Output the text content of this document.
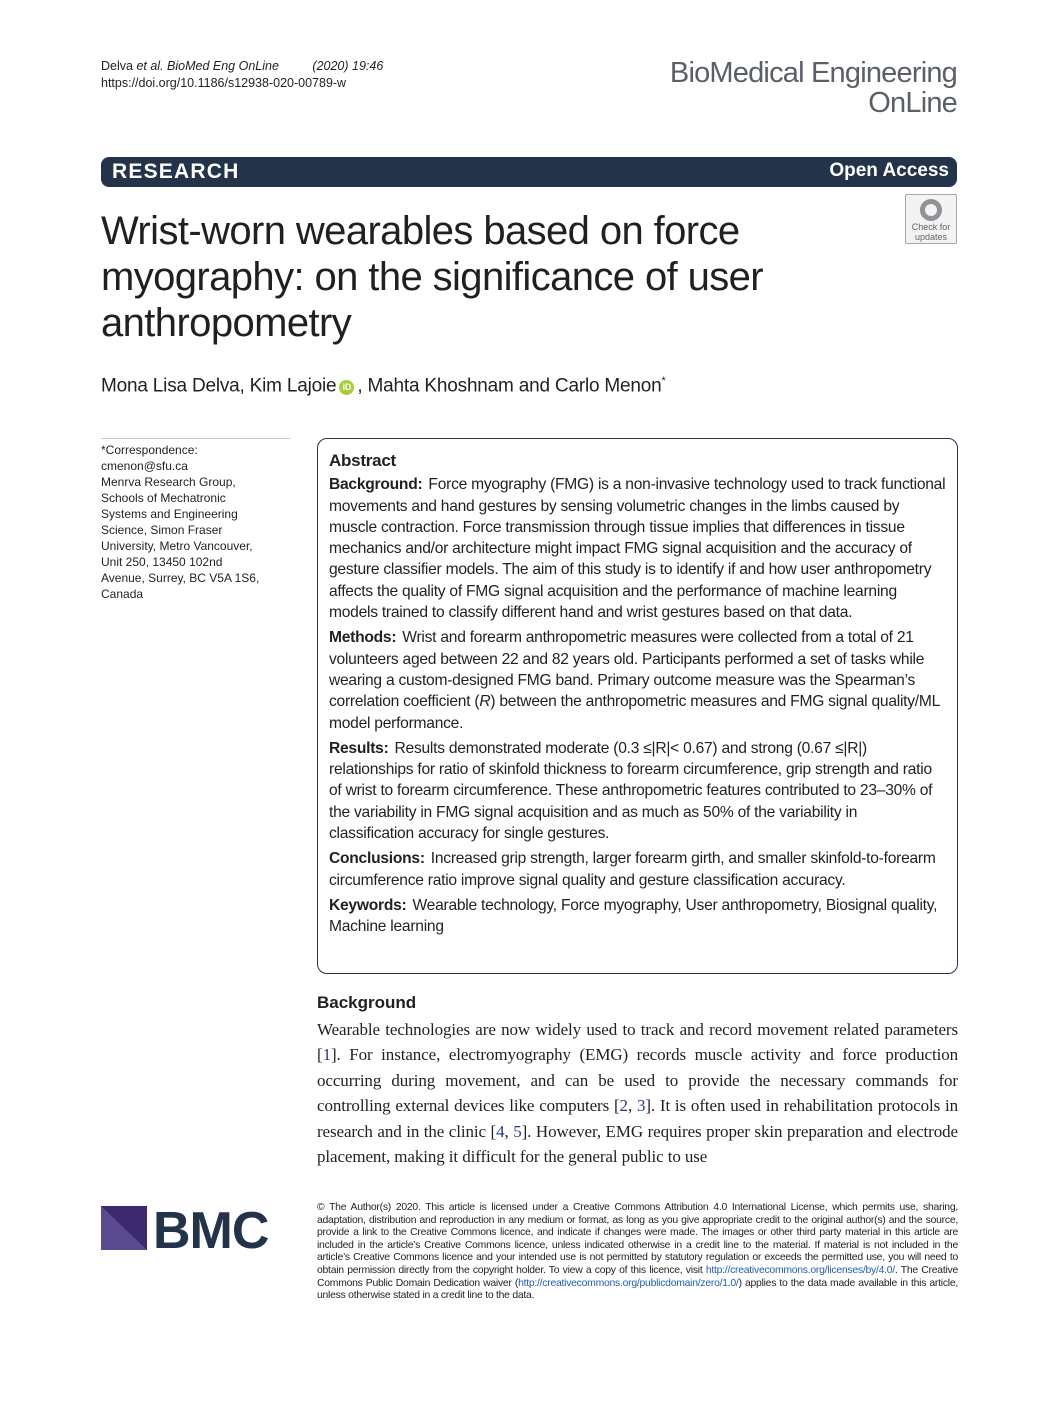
Delva et al. BioMed Eng OnLine	(2020) 19:46
https://doi.org/10.1186/s12938-020-00789-w	BioMedical Engineering
OnLine
RESEARCH	Open Access
Wrist-worn wearables based on force myography: on the significance of user anthropometry
Check for
updates
Mona Lisa Delva, Kim Lajoie iD , Mahta Khoshnam and Carlo Menon*
*Correspondence:
cmenon@sfu.ca
Menrva Research Group,
Schools of Mechatronic
Systems and Engineering
Science, Simon Fraser
University, Metro Vancouver,
Unit 250, 13450 102nd
Avenue, Surrey, BC V5A 1S6,
Canada
Abstract

Background: Force myography (FMG) is a non-invasive technology used to track functional movements and hand gestures by sensing volumetric changes in the limbs caused by muscle contraction. Force transmission through tissue implies that differences in tissue mechanics and/or architecture might impact FMG signal acquisition and the accuracy of gesture classifier models. The aim of this study is to identify if and how user anthropometry affects the quality of FMG signal acquisition and the performance of machine learning models trained to classify different hand and wrist gestures based on that data.

Methods: Wrist and forearm anthropometric measures were collected from a total of 21 volunteers aged between 22 and 82 years old. Participants performed a set of tasks while wearing a custom-designed FMG band. Primary outcome measure was the Spearman’s correlation coefficient (R) between the anthropometric measures and FMG signal quality/ML model performance.

Results: Results demonstrated moderate (0.3 ≤|R|< 0.67) and strong (0.67 ≤|R|) relationships for ratio of skinfold thickness to forearm circumference, grip strength and ratio of wrist to forearm circumference. These anthropometric features contributed to 23–30% of the variability in FMG signal acquisition and as much as 50% of the variability in classification accuracy for single gestures.

Conclusions: Increased grip strength, larger forearm girth, and smaller skinfold-to-forearm circumference ratio improve signal quality and gesture classification accuracy.

Keywords: Wearable technology, Force myography, User anthropometry, Biosignal quality, Machine learning

Background
Wearable technologies are now widely used to track and record movement related parameters [1]. For instance, electromyography (EMG) records muscle activity and force production occurring during movement, and can be used to provide the necessary commands for controlling external devices like computers [2, 3]. It is often used in rehabilitation protocols in research and in the clinic [4, 5]. However, EMG requires proper skin preparation and electrode placement, making it difficult for the general public to use
BMC	© The Author(s) 2020. This article is licensed under a Creative Commons Attribution 4.0 International License, which permits use, sharing, adaptation, distribution and reproduction in any medium or format, as long as you give appropriate credit to the original author(s) and the source, provide a link to the Creative Commons licence, and indicate if changes were made. The images or other third party material in this article are included in the article’s Creative Commons licence, unless indicated otherwise in a credit line to the material. If material is not included in the article’s Creative Commons licence and your intended use is not permitted by statutory regulation or exceeds the permitted use, you will need to obtain permission directly from the copyright holder. To view a copy of this licence, visit http://creativecommons.org/licenses/by/4.0/. The Creative Commons Public Domain Dedication waiver (http://creativecommons.org/publicdomain/zero/1.0/) applies to the data made available in this article, unless otherwise stated in a credit line to the data.
